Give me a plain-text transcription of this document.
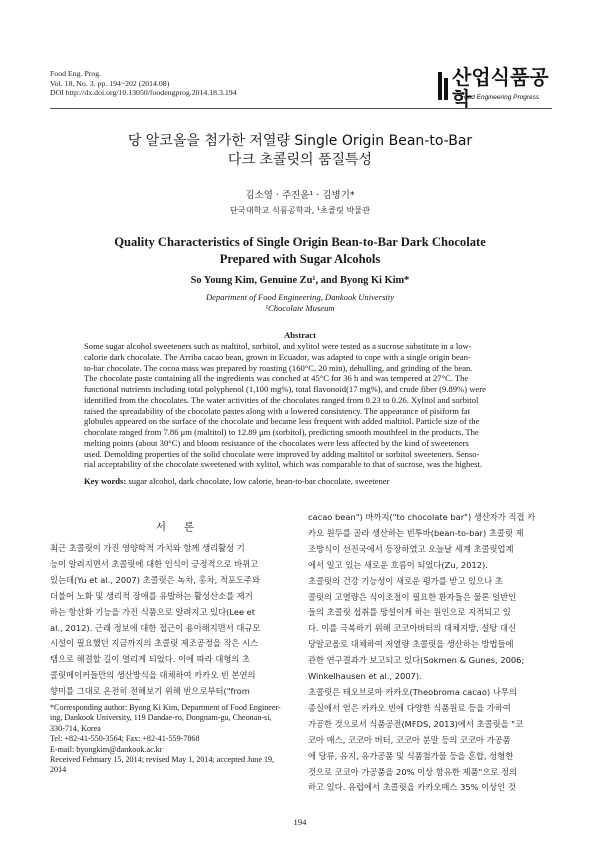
Food Eng. Prog.
Vol. 18, No. 3. pp. 194~202 (2014.08)
DOI http://dx.doi.org/10.13050/foodengprog.2014.18.3.194
산업식품공학
Food Engineering Progress
당 알코올을 첨가한 저열량 Single Origin Bean-to-Bar
다크 초콜릿의 품질특성
김소영 · 주진윤¹ · 김병기*
단국대학교 식품공학과, ¹초콜릿 박물관
Quality Characteristics of Single Origin Bean-to-Bar Dark Chocolate
Prepared with Sugar Alcohols
So Young Kim, Genuine Zu¹, and Byong Ki Kim*
Department of Food Engineering, Dankook University
¹Chocolate Museum
Abstract
Some sugar alcohol sweeteners such as maltitol, sorbitol, and xylitol were tested as a sucrose substitute in a low-
calorie dark chocolate. The Arriba cacao bean, grown in Ecuador, was adapted to cope with a single origin bean-
to-bar chocolate. The cocoa mass was prepared by roasting (160°C, 20 min), dehulling, and grinding of the bean.
The chocolate paste containing all the ingredients was conched at 45°C for 36 h and was tempered at 27°C. The
functional nutrients including total polyphenol (1,100 mg%), total flavonoid(17 mg%), and crude fiber (9.89%) were
identified from the chocolates. The water activities of the chocolates ranged from 0.23 to 0.26. Xylitol and sorbitol
raised the spreadability of the chocolate pastes along with a lowered consistency. The appearance of pisiform fat
globules appeared on the surface of the chocolate and became less frequent with added maltitol. Particle size of the
chocolate ranged from 7.86 μm (maltitol) to 12.89 μm (sorbitol), predicting smooth mouthfeel in the products. The
melting points (about 30°C) and bloom resistance of the chocolates were less affected by the kind of sweeteners
used. Demolding properties of the solid chocolate were improved by adding maltitol or sorbitol sweeteners. Senso-
rial acceptability of the chocolate sweetened with xylitol, which was comparable to that of sucrose, was the highest.
Key words: sugar alcohol, dark chocolate, low calorie, bean-to-bar chocolate, sweetener
서론
최근 초콜릿이 가진 영양학적 가치와 함께 생리활성 기
능이 알려지면서 초콜릿에 대한 인식이 긍정적으로 바뀌고
있는데(Yu et al., 2007) 초콜릿은 녹차, 홍차, 적포도주와
더불어 노화 및 생리적 장애를 유발하는 활성산소를 제거
하는 항산화 기능을 가진 식품으로 알려지고 있다(Lee et
al., 2012). 근래 정보에 대한 접근이 용이해지면서 대규모
시설이 필요했던 지금까지의 초콜릿 제조공정을 작은 시스
템으로 해결할 길이 열리게 되었다. 이에 따라 대형의 초
콜릿메이커들만의 생산방식을 대체하여 카카오 빈 본연의
향미를 그대로 온전히 전해보기 위해 빈으로부터("from
*Corresponding author: Byong Ki Kim, Department of Food Engineer-
ing, Dankook University, 119 Dandae-ro, Dongnam-gu, Cheonan-si,
330-714, Korea
Tel: +82-41-550-3564; Fax: +82-41-559-7868
E-mail: byongkim@dankook.ac.kr
Received February 15, 2014; revised May 1, 2014; accepted June 19,
2014
cacao bean") 바까지("to chocolate bar") 생산자가 직접 카
카오 원두를 골라 생산하는 빈투바(bean-to-bar) 초콜릿 제
조방식이 선진국에서 등장하였고 오늘날 세계 초콜릿업계
에서 일고 있는 새로운 흐름이 되었다(Zu, 2012).
초콜릿의 건강 기능성이 새로운 평가를 받고 있으나 초
콜릿의 고열량은 식이조절이 필요한 환자들은 물론 일반인
들의 초콜릿 섭취를 망설이게 하는 원인으로 지적되고 있
다. 이를 극복하기 위해 코코아버터의 대체지방, 설탕 대신
당알코올로 대체하여 저열량 초콜릿을 생산하는 방법들에
관한 연구결과가 보고되고 있다(Sokmen & Gunes, 2006;
Winkelhausen et al., 2007).
초콜릿은 테오브로마 카카오(Theobroma cacao) 나무의
종실에서 얻은 카카오 빈에 다양한 식품원료 등을 가하여
가공한 것으로서 식품공전(MFDS, 2013)에서 초콜릿을 "코
코아 매스, 코코아 버터, 코코아 분말 등의 코코아 가공품
에 당류, 유지, 유가공품 및 식품첨가물 등을 혼합, 성형한
것으로 코코아 가공품을 20% 이상 함유한 제품"으로 정의
하고 있다. 유럽에서 초콜릿을 카카오매스 35% 이상인 것
194
